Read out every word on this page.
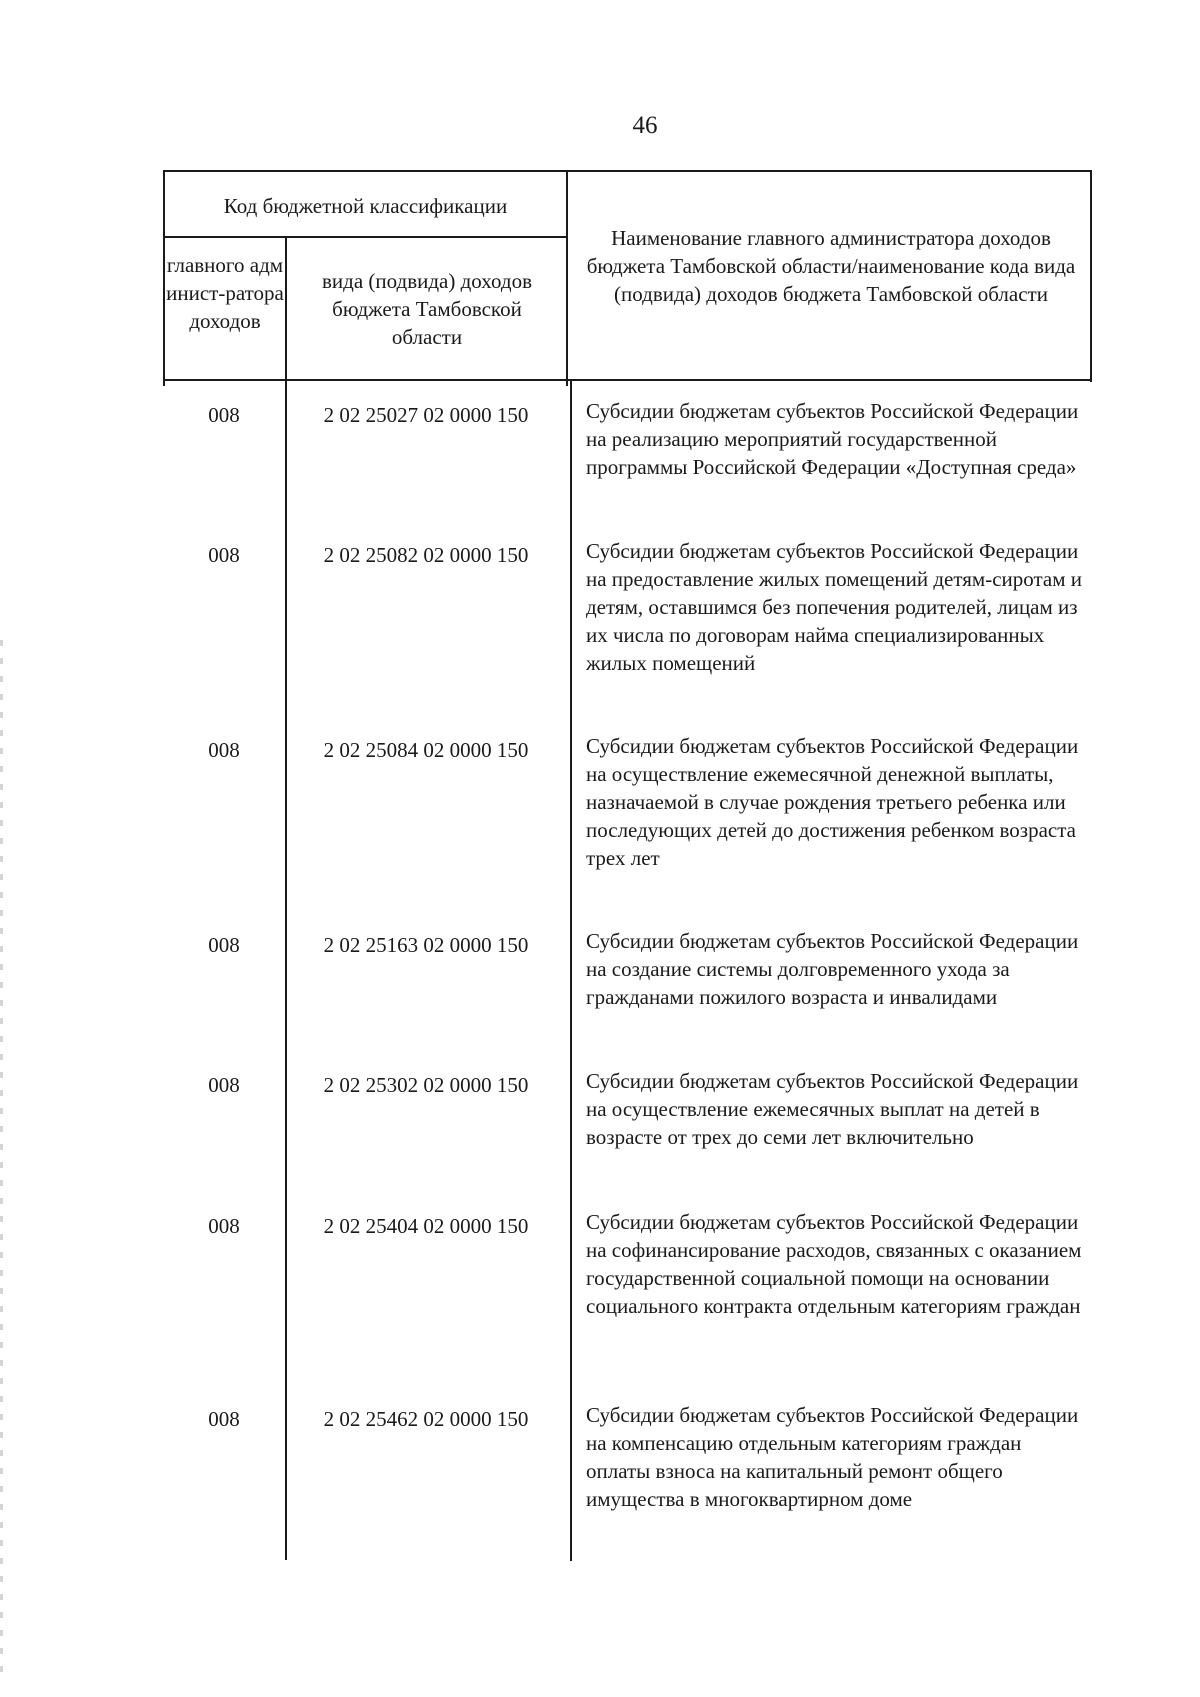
46
Код бюджетной классификации
главного админист-ратора доходов
вида (подвида) доходов бюджета Тамбовской области
Наименование главного администратора доходов бюджета Тамбовской области/наименование кода вида (подвида) доходов бюджета Тамбовской области
008	2 02 25027 02 0000 150	Субсидии бюджетам субъектов Российской Федерации на реализацию мероприятий государственной программы Российской Федерации «Доступная среда»
008	2 02 25082 02 0000 150	Субсидии бюджетам субъектов Российской Федерации на предоставление жилых помещений детям-сиротам и детям, оставшимся без попечения родителей, лицам из их числа по договорам найма специализированных жилых помещений
008	2 02 25084 02 0000 150	Субсидии бюджетам субъектов Российской Федерации на осуществление ежемесячной денежной выплаты, назначаемой в случае рождения третьего ребенка или последующих детей до достижения ребенком возраста трех лет
008	2 02 25163 02 0000 150	Субсидии бюджетам субъектов Российской Федерации на создание системы долговременного ухода за гражданами пожилого возраста и инвалидами
008	2 02 25302 02 0000 150	Субсидии бюджетам субъектов Российской Федерации на осуществление ежемесячных выплат на детей в возрасте от трех до семи лет включительно
008	2 02 25404 02 0000 150	Субсидии бюджетам субъектов Российской Федерации на софинансирование расходов, связанных с оказанием государственной социальной помощи на основании социального контракта отдельным категориям граждан
008	2 02 25462 02 0000 150	Субсидии бюджетам субъектов Российской Федерации на компенсацию отдельным категориям граждан оплаты взноса на капитальный ремонт общего имущества в многоквартирном доме
